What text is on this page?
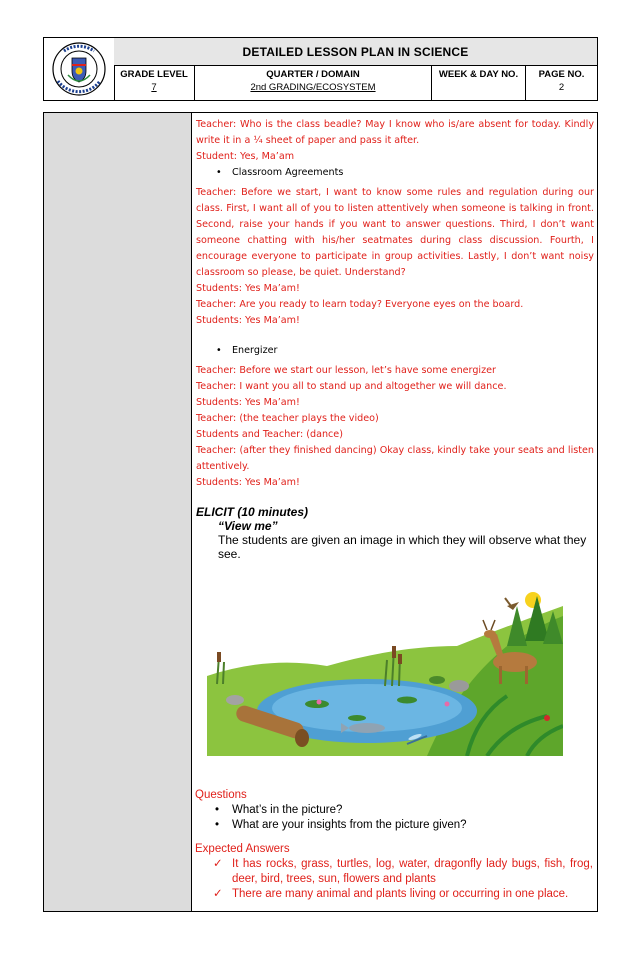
DETAILED LESSON PLAN IN SCIENCE
GRADE LEVEL
7
QUARTER / DOMAIN
2nd GRADING/ECOSYSTEM
WEEK & DAY NO.	PAGE NO.
2

Teacher: Who is the class beadle? May I know who is/are absent for today. Kindly write it in a ¼ sheet of paper and pass it after.

Student: Yes, Ma’am

• Classroom Agreements

Teacher: Before we start, I want to know some rules and regulation during our class. First, I want all of you to listen attentively when someone is talking in front. Second, raise your hands if you want to answer questions. Third, I don’t want someone chatting with his/her seatmates during class discussion. Fourth, I encourage everyone to participate in group activities. Lastly, I don’t want noisy classroom so please, be quiet. Understand?

Students: Yes Ma’am!

Teacher: Are you ready to learn today? Everyone eyes on the board.

Students: Yes Ma’am!

• Energizer

Teacher: Before we start our lesson, let’s have some energizer

Teacher: I want you all to stand up and altogether we will dance.

Students: Yes Ma’am!

Teacher: (the teacher plays the video)

Students and Teacher: (dance)

Teacher: (after they finished dancing) Okay class, kindly take your seats and listen attentively.

Students: Yes Ma’am!

ELICIT (10 minutes)
“View me”
The students are given an image in which they will observe what they see.
Questions
• What’s in the picture?
• What are your insights from the picture given?
Expected Answers
✓ It has rocks, grass, turtles, log, water, dragonfly lady bugs, fish, frog, deer, bird, trees, sun, flowers and plants
✓ There are many animal and plants living or occurring in one place.
